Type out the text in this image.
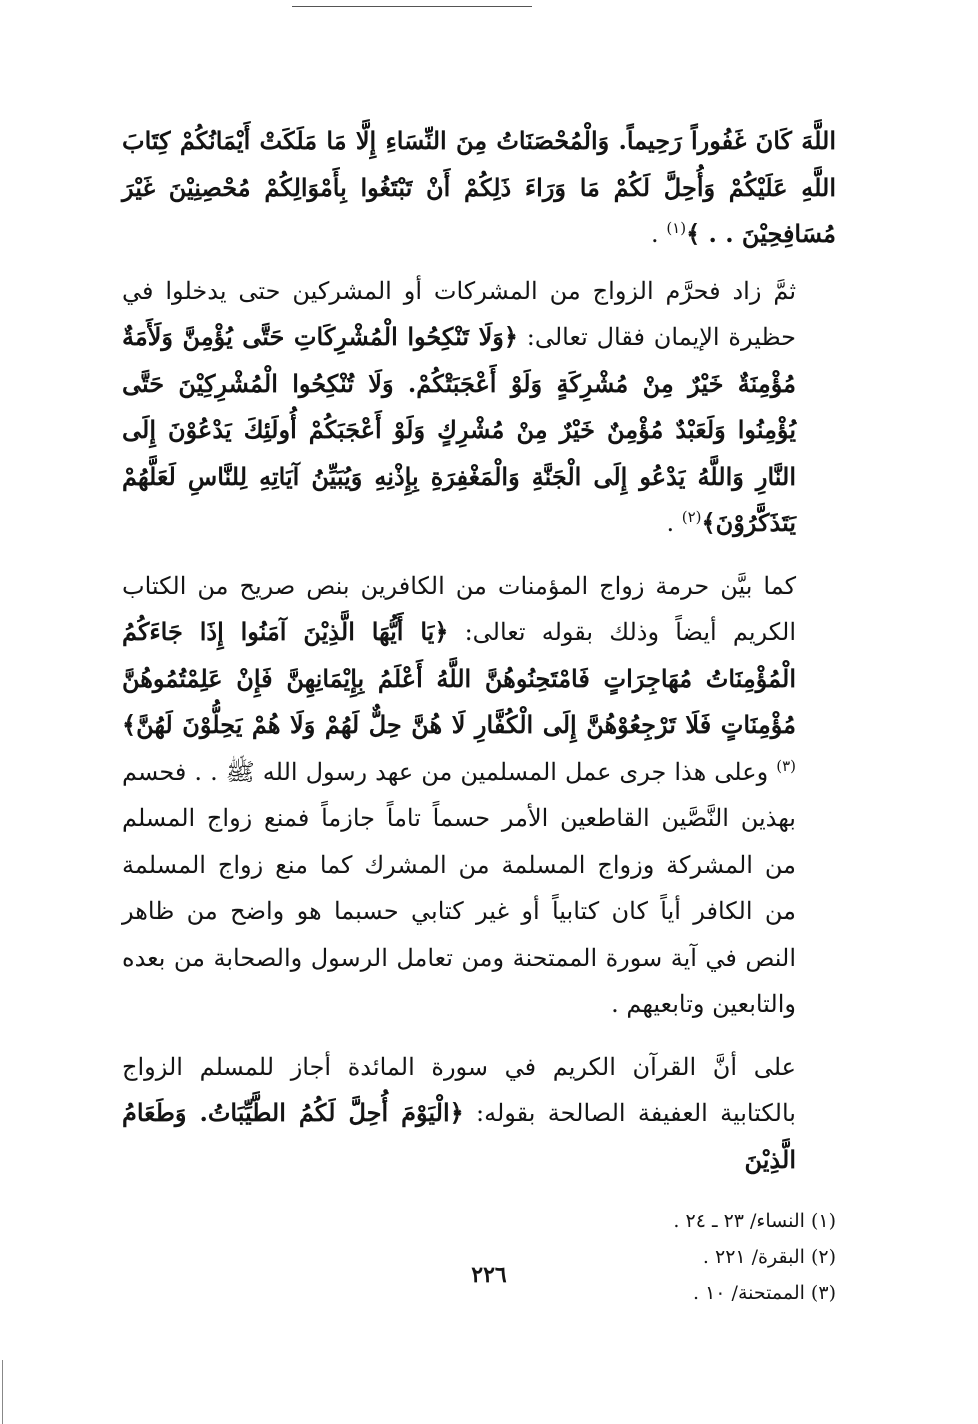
اللَّهَ كَانَ غَفُوراً رَحِيماً. وَالْمُحْصَنَاتُ مِنَ النِّسَاءِ إِلَّا مَا مَلَكَتْ أَيْمَانُكُمْ كِتَابَ اللَّهِ عَلَيْكُمْ وَأُحِلَّ لَكُمْ مَا وَرَاءَ ذَلِكُمْ أَنْ تَبْتَغُوا بِأَمْوَالِكُمْ مُحْصِنِيْنَ غَيْرَ مُسَافِحِيْنَ . . ﴾$^{(١)}$ .

ثمَّ زاد فحرَّم الزواج من المشركات أو المشركين حتى يدخلوا في حظيرة الإيمان فقال تعالى: ﴿وَلَا تَنْكِحُوا الْمُشْرِكَاتِ حَتَّى يُؤْمِنَّ وَلَأَمَةٌ مُؤْمِنَةٌ خَيْرٌ مِنْ مُشْرِكَةٍ وَلَوْ أَعْجَبَتْكُمْ. وَلَا تُنْكِحُوا الْمُشْرِكِيْنَ حَتَّى يُؤْمِنُوا وَلَعَبْدٌ مُؤْمِنٌ خَيْرٌ مِنْ مُشْرِكٍ وَلَوْ أَعْجَبَكُمْ أُولَئِكَ يَدْعُوْنَ إِلَى النَّارِ وَاللَّهُ يَدْعُو إِلَى الْجَنَّةِ وَالْمَغْفِرَةِ بِإِذْنِهِ وَيُبَيِّنُ آيَاتِهِ لِلنَّاسِ لَعَلَّهُمْ يَتَذَكَّرُوْنَ﴾$^{(٢)}$ .

كما بيَّن حرمة زواج المؤمنات من الكافرين بنص صريح من الكتاب الكريم أيضاً وذلك بقوله تعالى: ﴿يَا أَيُّهَا الَّذِيْنَ آمَنُوا إِذَا جَاءَكُمُ الْمُؤْمِنَاتُ مُهَاجِرَاتٍ فَامْتَحِنُوهُنَّ اللَّهُ أَعْلَمُ بِإِيْمَانِهِنَّ فَإِنْ عَلِمْتُمُوهُنَّ مُؤْمِنَاتٍ فَلَا تَرْجِعُوْهُنَّ إِلَى الْكُفَّارِ لَا هُنَّ حِلٌّ لَهُمْ وَلَا هُمْ يَحِلُّوْنَ لَهُنَّ﴾$^{(٣)}$ وعلى هذا جرى عمل المسلمين من عهد رسول الله ﷺ . . فحسم بهذين النَّصَّين القاطعين الأمر حسماً تاماً جازماً فمنع زواج المسلم من المشركة وزواج المسلمة من المشرك كما منع زواج المسلمة من الكافر أياً كان كتابياً أو غير كتابي حسبما هو واضح من ظاهر النص في آية سورة الممتحنة ومن تعامل الرسول والصحابة من بعده والتابعين وتابعيهم .

على أنَّ القرآن الكريم في سورة المائدة أجاز للمسلم الزواج بالكتابية العفيفة الصالحة بقوله: ﴿الْيَوْمَ أُحِلَّ لَكُمُ الطَّيِّبَاتُ. وَطَعَامُ الَّذِيْنَ

(١) النساء/ ٢٣ ـ ٢٤ .

(٢) البقرة/ ٢٢١ .

(٣) الممتحنة/ ١٠ .

٢٢٦
